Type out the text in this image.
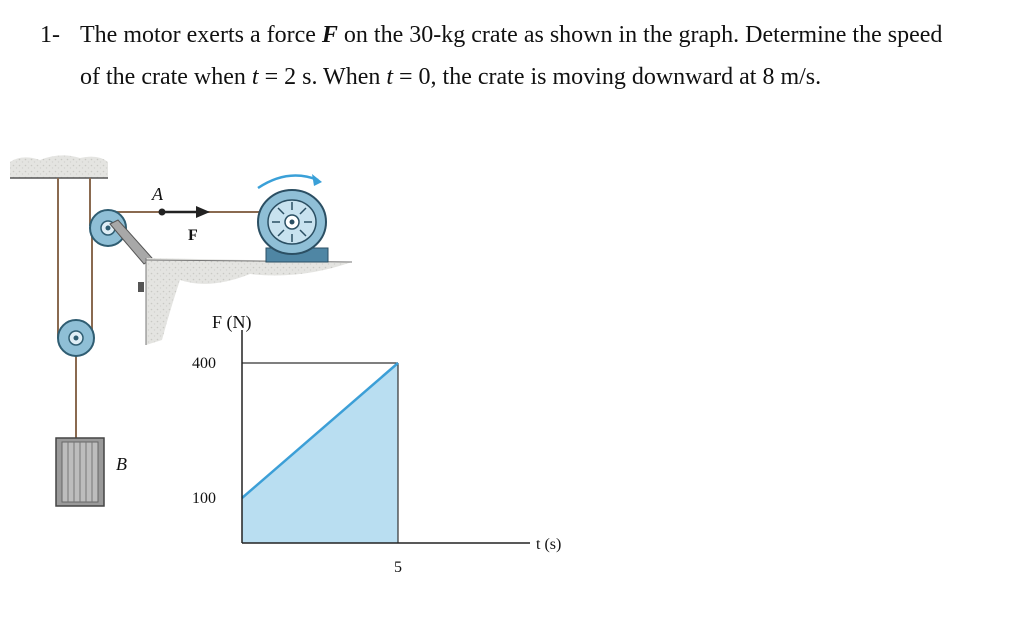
1- The motor exerts a force F on the 30-kg crate as shown in the graph. Determine the speed
of the crate when t = 2 s. When t = 0, the crate is moving downward at 8 m/s.
A
F
B
F (N)
t (s)
400
100
5
